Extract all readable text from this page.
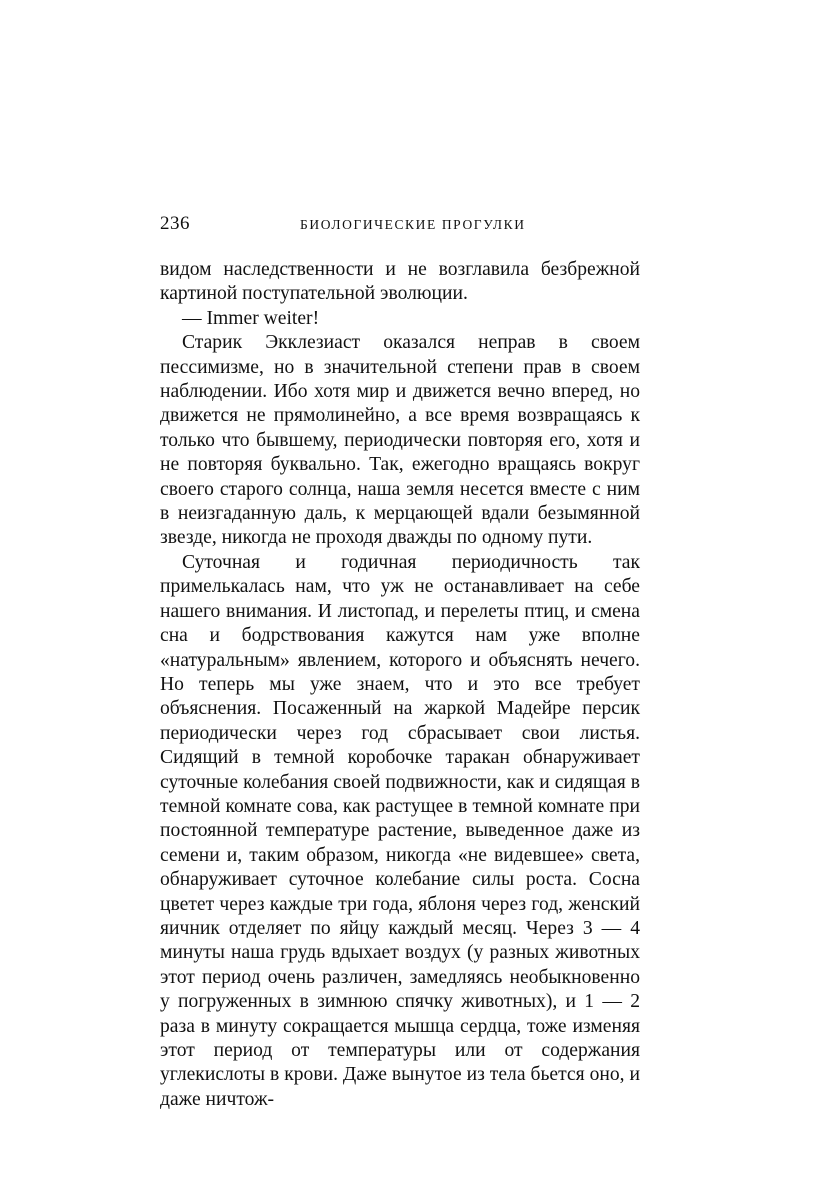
236	БИОЛОГИЧЕСКИЕ ПРОГУЛКИ

видом наследственности и не возглавила безбрежной картиной поступательной эволюции.

— Immer weiter!

Старик Экклезиаст оказался неправ в своем пессимизме, но в значительной степени прав в своем наблюдении. Ибо хотя мир и движется вечно вперед, но движется не прямолинейно, а все время возвращаясь к только что бывшему, периодически повторяя его, хотя и не повторяя буквально. Так, ежегодно вращаясь вокруг своего старого солнца, наша земля несется вместе с ним в неизгаданную даль, к мерцающей вдали безымянной звезде, никогда не проходя дважды по одному пути.

Суточная и годичная периодичность так примелькалась нам, что уж не останавливает на себе нашего внимания. И листопад, и перелеты птиц, и смена сна и бодрствования кажутся нам уже вполне «натуральным» явлением, которого и объяснять нечего. Но теперь мы уже знаем, что и это все требует объяснения. Посаженный на жаркой Мадейре персик периодически через год сбрасывает свои листья. Сидящий в темной коробочке таракан обнаруживает суточные колебания своей подвижности, как и сидящая в темной комнате сова, как растущее в темной комнате при постоянной температуре растение, выведенное даже из семени и, таким образом, никогда «не видевшее» света, обнаруживает суточное колебание силы роста. Сосна цветет через каждые три года, яблоня через год, женский яичник отделяет по яйцу каждый месяц. Через 3 — 4 минуты наша грудь вдыхает воздух (у разных животных этот период очень различен, замедляясь необыкновенно у погруженных в зимнюю спячку животных), и 1 — 2 раза в минуту сокращается мышца сердца, тоже изменяя этот период от температуры или от содержания углекислоты в крови. Даже вынутое из тела бьется оно, и даже ничтож-
